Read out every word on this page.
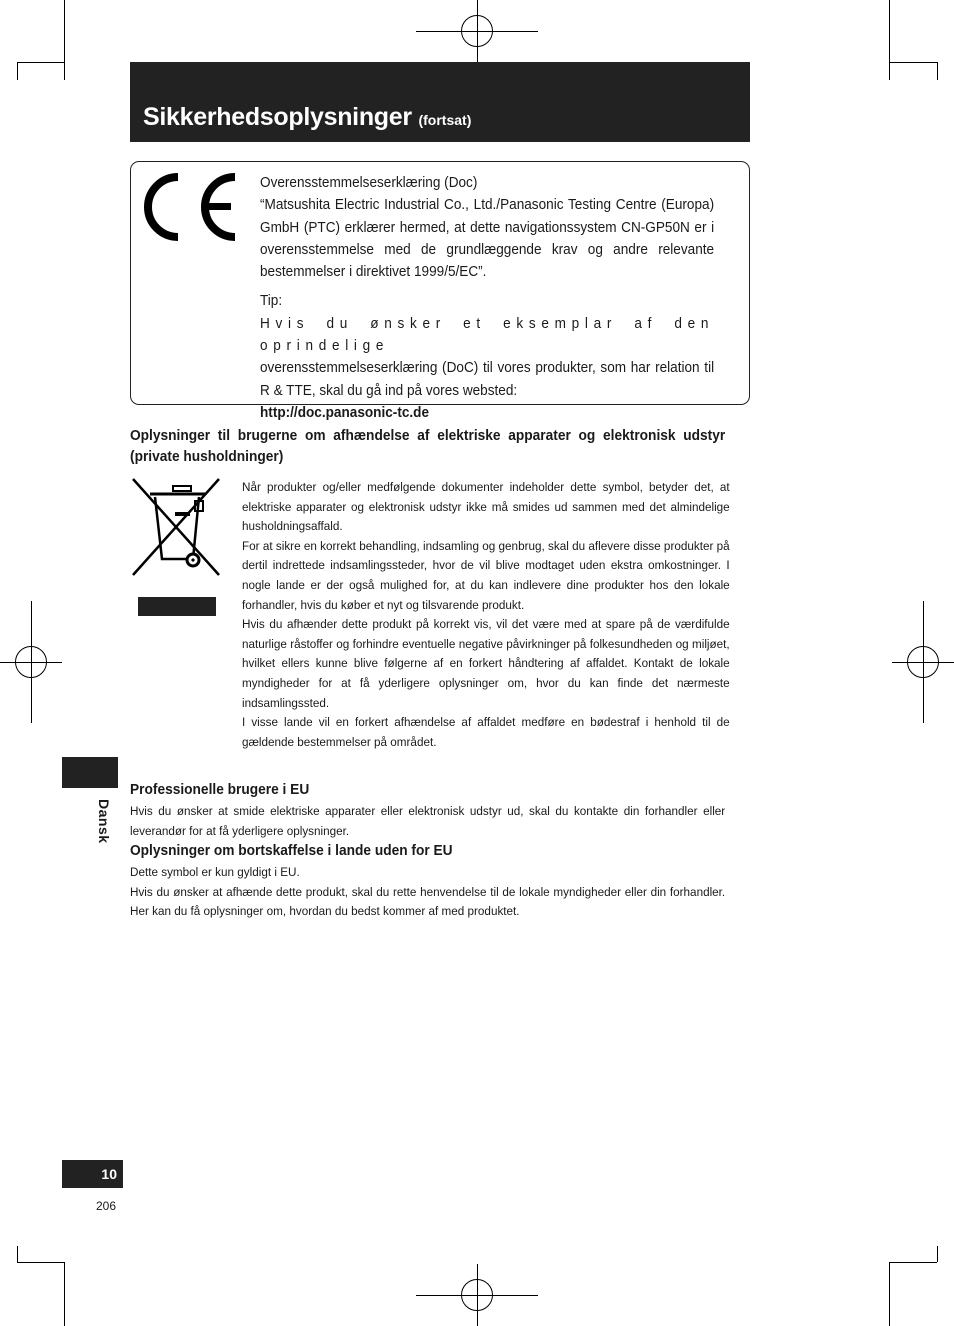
Sikkerhedsoplysninger (fortsat)

Overensstemmelseserklæring (Doc)

“Matsushita Electric Industrial Co., Ltd./Panasonic Testing Centre (Europa) GmbH (PTC) erklærer hermed, at dette navigationssystem CN-GP50N er i overensstemmelse med de grundlæggende krav og andre relevante bestemmelser i direktivet 1999/5/EC”.

Tip:

Hvis du ønsker et eksemplar af den oprindelige

overensstemmelseserklæring (DoC) til vores produkter, som har relation til R & TTE, skal du gå ind på vores websted:

http://doc.panasonic-tc.de

Oplysninger til brugerne om afhændelse af elektriske apparater og elektronisk udstyr (private husholdninger)

Når produkter og/eller medfølgende dokumenter indeholder dette symbol, betyder det, at elektriske apparater og elektronisk udstyr ikke må smides ud sammen med det almindelige husholdningsaffald.

For at sikre en korrekt behandling, indsamling og genbrug, skal du aflevere disse produkter på dertil indrettede indsamlingssteder, hvor de vil blive modtaget uden ekstra omkostninger. I nogle lande er der også mulighed for, at du kan indlevere dine produkter hos den lokale forhandler, hvis du køber et nyt og tilsvarende produkt.

Hvis du afhænder dette produkt på korrekt vis, vil det være med at spare på de værdifulde naturlige råstoffer og forhindre eventuelle negative påvirkninger på folkesundheden og miljøet, hvilket ellers kunne blive følgerne af en forkert håndtering af affaldet. Kontakt de lokale myndigheder for at få yderligere oplysninger om, hvor du kan finde det nærmeste indsamlingssted.

I visse lande vil en forkert afhændelse af affaldet medføre en bødestraf i henhold til de gældende bestemmelser på området.

Professionelle brugere i EU

Hvis du ønsker at smide elektriske apparater eller elektronisk udstyr ud, skal du kontakte din forhandler eller leverandør for at få yderligere oplysninger.

Oplysninger om bortskaffelse i lande uden for EU

Dette symbol er kun gyldigt i EU.

Hvis du ønsker at afhænde dette produkt, skal du rette henvendelse til de lokale myndigheder eller din forhandler. Her kan du få oplysninger om, hvordan du bedst kommer af med produktet.

Dansk
10
206
